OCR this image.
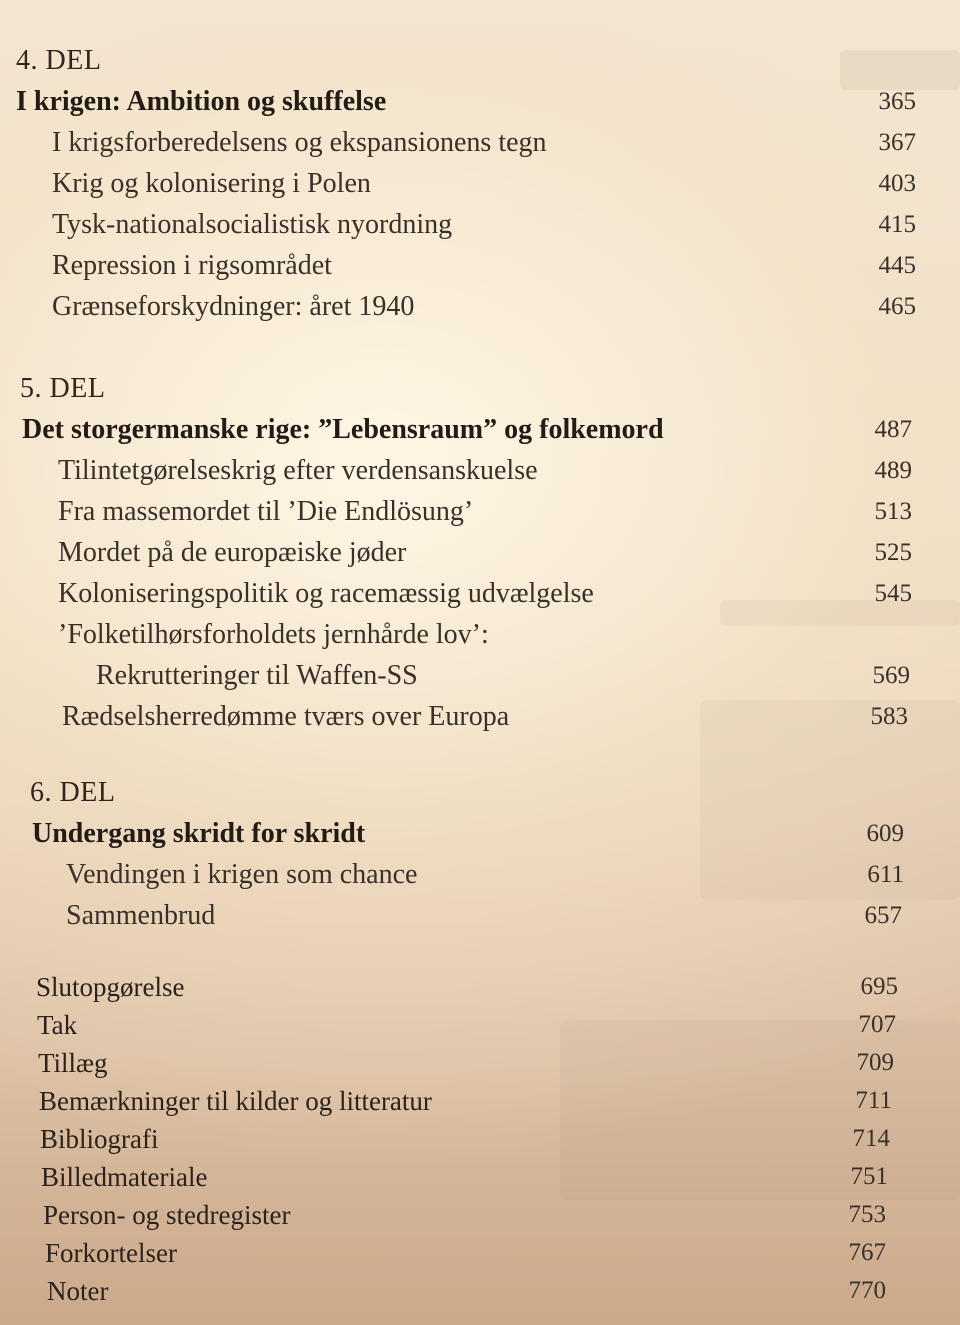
4. DEL
I krigen: Ambition og skuffelse	365
I krigsforberedelsens og ekspansionens tegn	367
Krig og kolonisering i Polen	403
Tysk-nationalsocialistisk nyordning	415
Repression i rigsområdet	445
Grænseforskydninger: året 1940	465
5. DEL
Det storgermanske rige: ”Lebensraum” og folkemord	487
Tilintetgørelseskrig efter verdensanskuelse	489
Fra massemordet til ’Die Endlösung’	513
Mordet på de europæiske jøder	525
Koloniseringspolitik og racemæssig udvælgelse	545
’Folketilhørsforholdets jernhårde lov’:
Rekrutteringer til Waffen-SS	569
Rædselsherredømme tværs over Europa	583
6. DEL
Undergang skridt for skridt	609
Vendingen i krigen som chance	611
Sammenbrud	657
Slutopgørelse	695
Tak	707
Tillæg	709
Bemærkninger til kilder og litteratur	711
Bibliografi	714
Billedmateriale	751
Person- og stedregister	753
Forkortelser	767
Noter	770
